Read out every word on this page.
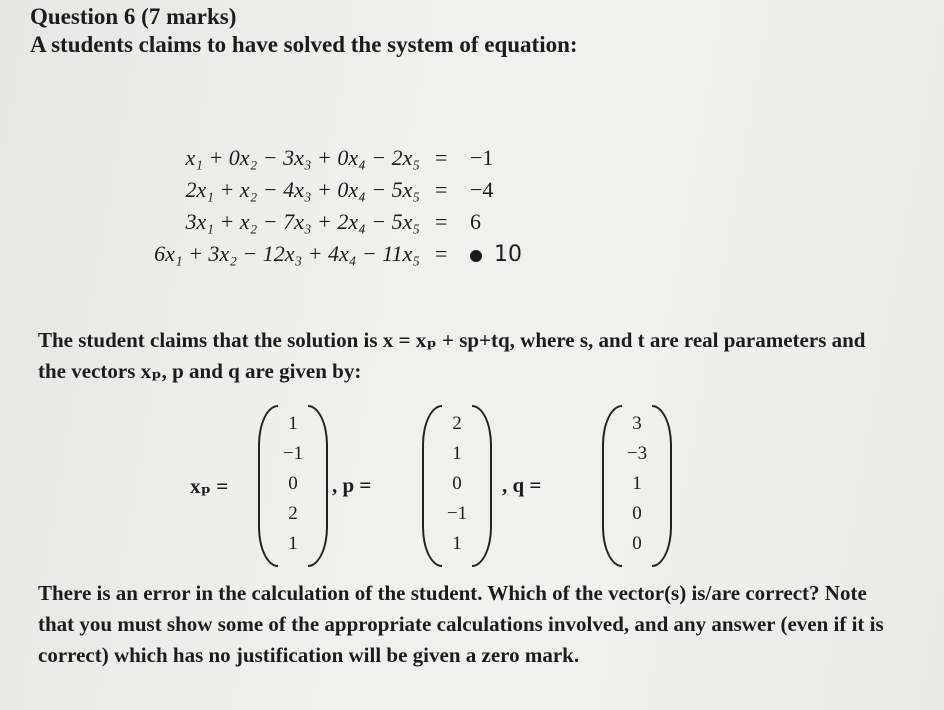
Question 6 (7 marks)
A students claims to have solved the system of equation:
x₁ + 0x₂ − 3x₃ + 0x₄ − 2x₅ = −1
2x₁ + x₂ − 4x₃ + 0x₄ − 5x₅ = −4
3x₁ + x₂ − 7x₃ + 2x₄ − 5x₅ = 6
6x₁ + 3x₂ − 12x₃ + 4x₄ − 11x₅ =	10
The student claims that the solution is x = xₚ + sp+tq, where s, and t are real parameters and the vectors xₚ, p and q are given by:
xₚ =
1
−1
0
2
1
, p =
2
1
0
−1
1
, q =
3
−3
1
0
0
There is an error in the calculation of the student. Which of the vector(s) is/are correct? Note that you must show some of the appropriate calculations involved, and any answer (even if it is correct) which has no justification will be given a zero mark.
